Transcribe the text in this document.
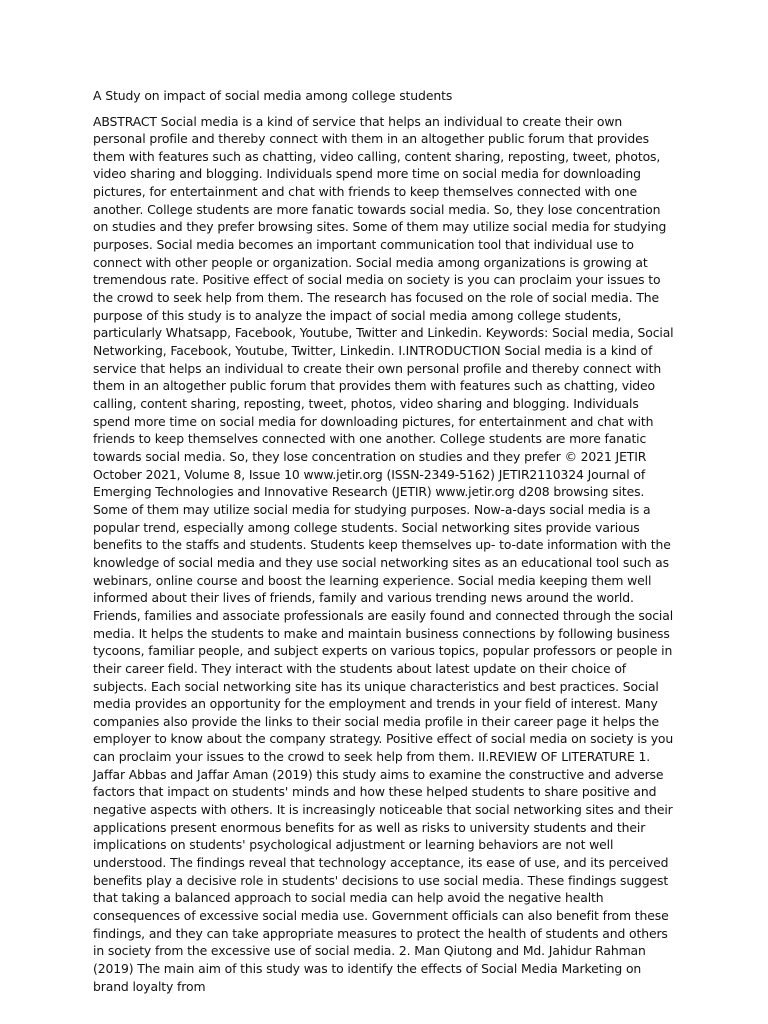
A Study on impact of social media among college students

ABSTRACT Social media is a kind of service that helps an individual to create their own personal profile and thereby connect with them in an altogether public forum that provides them with features such as chatting, video calling, content sharing, reposting, tweet, photos, video sharing and blogging. Individuals spend more time on social media for downloading pictures, for entertainment and chat with friends to keep themselves connected with one another. College students are more fanatic towards social media. So, they lose concentration on studies and they prefer browsing sites. Some of them may utilize social media for studying purposes. Social media becomes an important communication tool that individual use to connect with other people or organization. Social media among organizations is growing at tremendous rate. Positive effect of social media on society is you can proclaim your issues to the crowd to seek help from them. The research has focused on the role of social media. The purpose of this study is to analyze the impact of social media among college students, particularly Whatsapp, Facebook, Youtube, Twitter and Linkedin. Keywords: Social media, Social Networking, Facebook, Youtube, Twitter, Linkedin. I.INTRODUCTION Social media is a kind of service that helps an individual to create their own personal profile and thereby connect with them in an altogether public forum that provides them with features such as chatting, video calling, content sharing, reposting, tweet, photos, video sharing and blogging. Individuals spend more time on social media for downloading pictures, for entertainment and chat with friends to keep themselves connected with one another. College students are more fanatic towards social media. So, they lose concentration on studies and they prefer © 2021 JETIR October 2021, Volume 8, Issue 10 www.jetir.org (ISSN-2349-5162) JETIR2110324 Journal of Emerging Technologies and Innovative Research (JETIR) www.jetir.org d208 browsing sites. Some of them may utilize social media for studying purposes. Now-a-days social media is a popular trend, especially among college students. Social networking sites provide various benefits to the staffs and students. Students keep themselves up- to-date information with the knowledge of social media and they use social networking sites as an educational tool such as webinars, online course and boost the learning experience. Social media keeping them well informed about their lives of friends, family and various trending news around the world. Friends, families and associate professionals are easily found and connected through the social media. It helps the students to make and maintain business connections by following business tycoons, familiar people, and subject experts on various topics, popular professors or people in their career field. They interact with the students about latest update on their choice of subjects. Each social networking site has its unique characteristics and best practices. Social media provides an opportunity for the employment and trends in your field of interest. Many companies also provide the links to their social media profile in their career page it helps the employer to know about the company strategy. Positive effect of social media on society is you can proclaim your issues to the crowd to seek help from them. II.REVIEW OF LITERATURE 1. Jaffar Abbas and Jaffar Aman (2019) this study aims to examine the constructive and adverse factors that impact on students' minds and how these helped students to share positive and negative aspects with others. It is increasingly noticeable that social networking sites and their applications present enormous benefits for as well as risks to university students and their implications on students' psychological adjustment or learning behaviors are not well understood. The findings reveal that technology acceptance, its ease of use, and its perceived benefits play a decisive role in students' decisions to use social media. These findings suggest that taking a balanced approach to social media can help avoid the negative health consequences of excessive social media use. Government officials can also benefit from these findings, and they can take appropriate measures to protect the health of students and others in society from the excessive use of social media. 2. Man Qiutong and Md. Jahidur Rahman (2019) The main aim of this study was to identify the effects of Social Media Marketing on brand loyalty from
